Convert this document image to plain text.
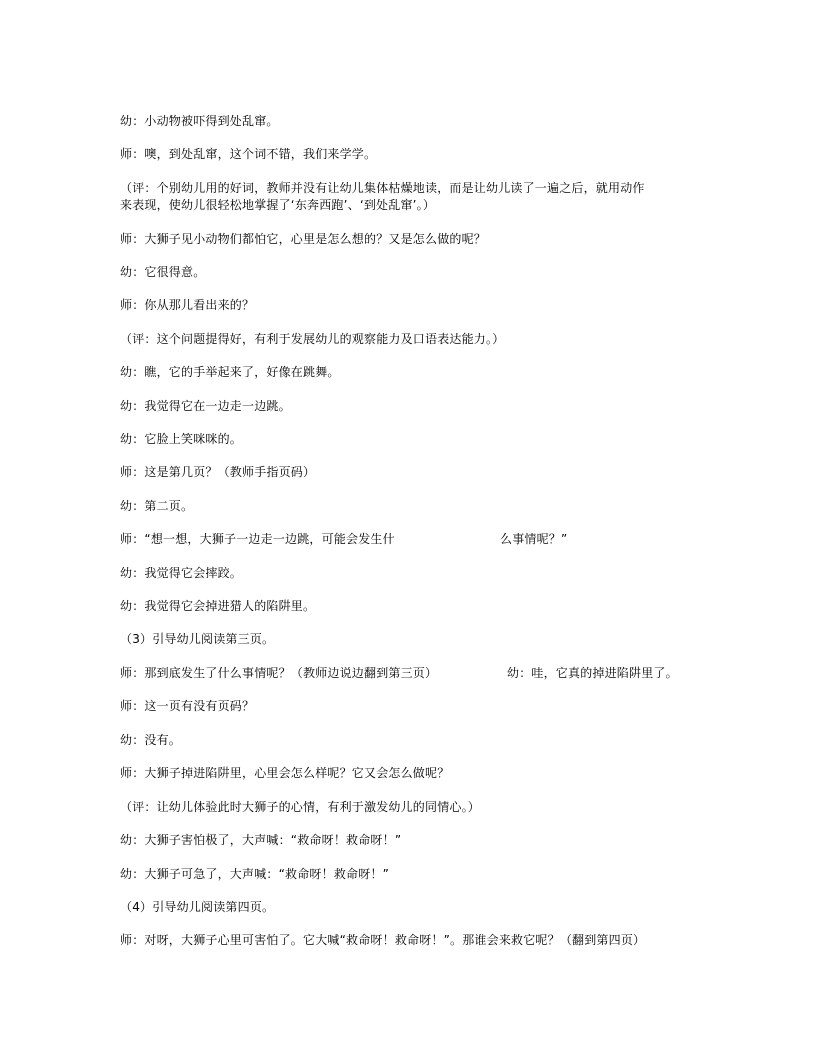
幼：小动物被吓得到处乱窜。
师：噢，到处乱窜，这个词不错，我们来学学。
（评：个别幼儿用的好词，教师并没有让幼儿集体枯燥地读，而是让幼儿读了一遍之后，就用动作
来表现，使幼儿很轻松地掌握了‘东奔西跑’、‘到处乱窜’。）
师：大狮子见小动物们都怕它，心里是怎么想的？又是怎么做的呢？
幼：它很得意。
师：你从那儿看出来的？
（评：这个问题提得好，有利于发展幼儿的观察能力及口语表达能力。）
幼：瞧，它的手举起来了，好像在跳舞。
幼：我觉得它在一边走一边跳。
幼：它脸上笑咪咪的。
师：这是第几页？（教师手指页码）
幼：第二页。
师：“想一想，大狮子一边走一边跳，可能会发生什	么事情呢？”
幼：我觉得它会摔跤。
幼：我觉得它会掉进猎人的陷阱里。
（3）引导幼儿阅读第三页。
师：那到底发生了什么事情呢？（教师边说边翻到第三页）	幼：哇，它真的掉进陷阱里了。
师：这一页有没有页码？
幼：没有。
师：大狮子掉进陷阱里，心里会怎么样呢？它又会怎么做呢？
（评：让幼儿体验此时大狮子的心情，有利于激发幼儿的同情心。）
幼：大狮子害怕极了，大声喊：“救命呀！救命呀！”
幼：大狮子可急了，大声喊：“救命呀！救命呀！”
（4）引导幼儿阅读第四页。
师：对呀，大狮子心里可害怕了。它大喊“救命呀！救命呀！”。那谁会来救它呢？（翻到第四页）
